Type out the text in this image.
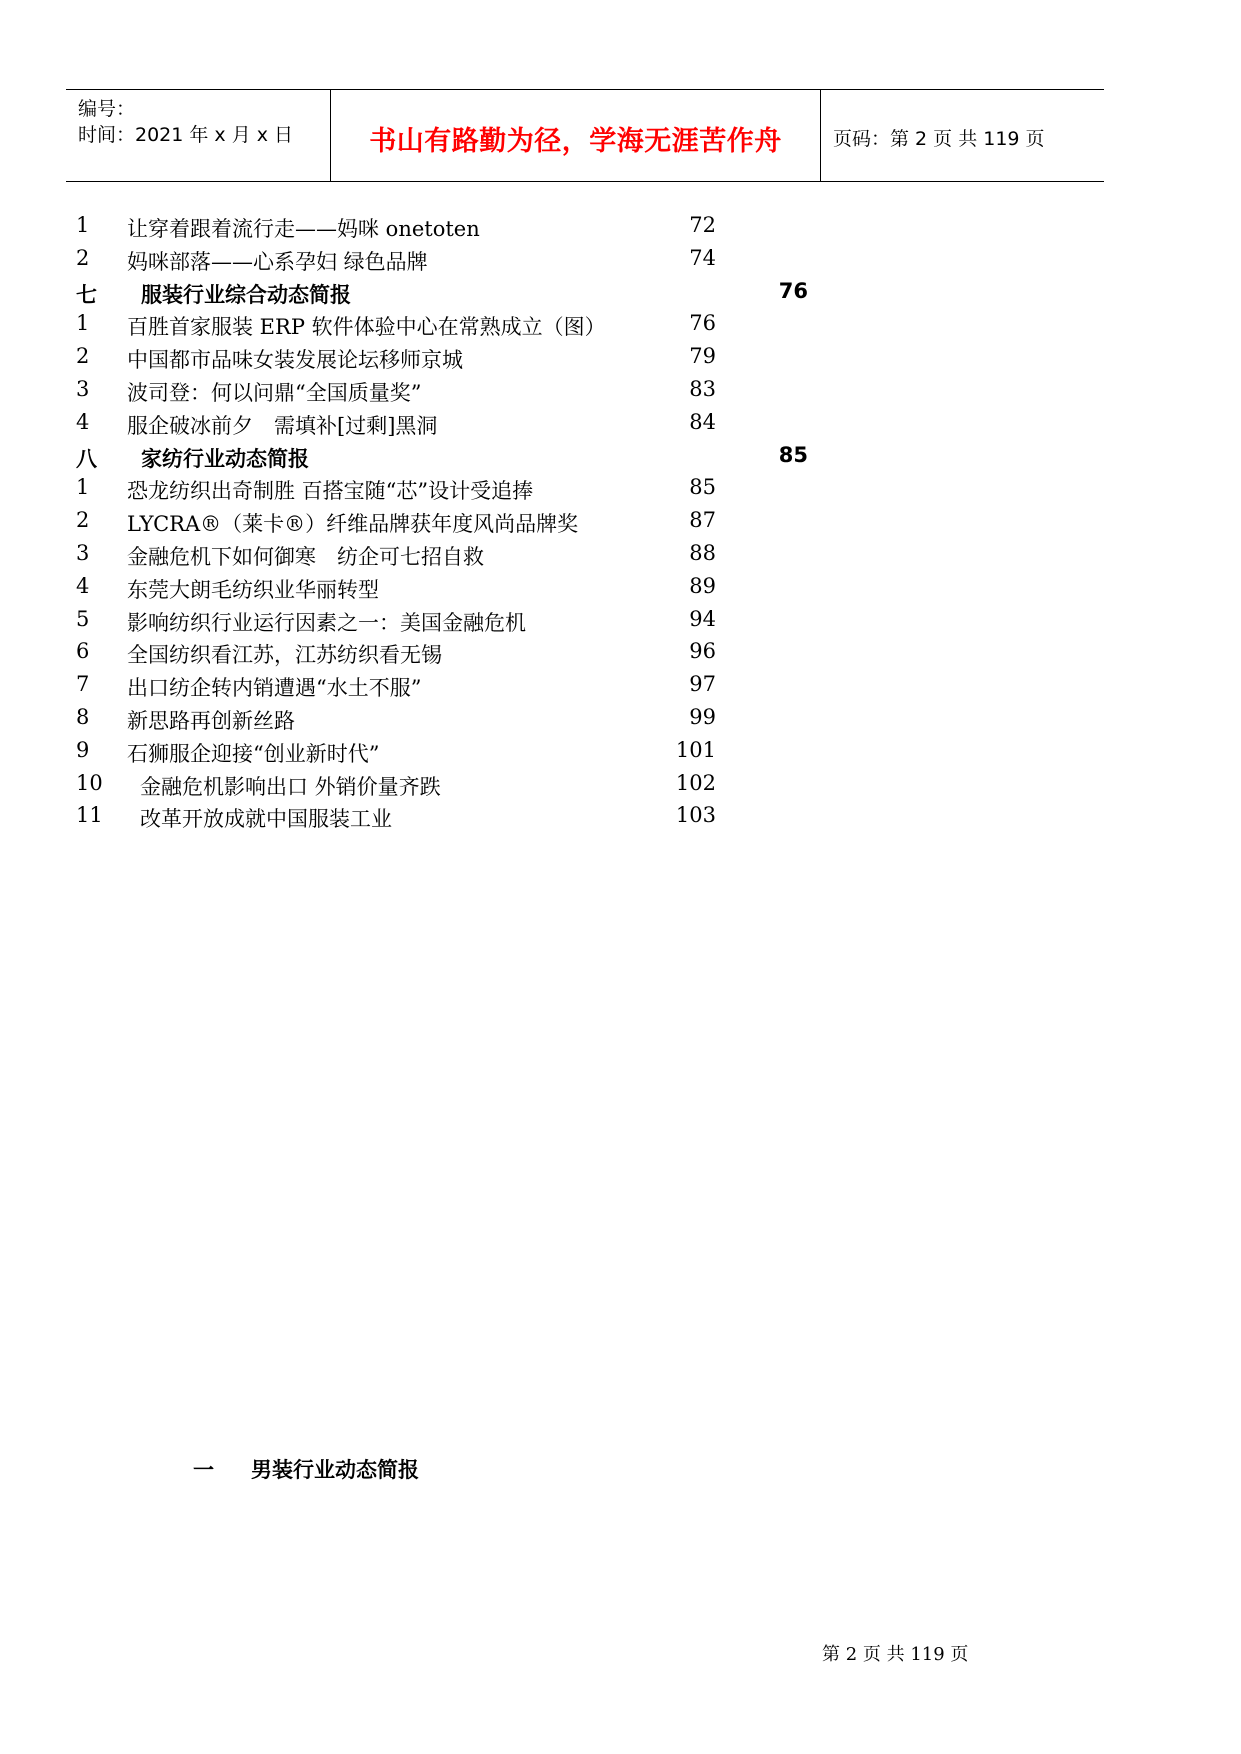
编号：
时间：2021 年 x 月 x 日	书山有路勤为径，学海无涯苦作舟	页码：第 2 页 共 119 页
1 让穿着跟着流行走——妈咪 onetoten	72
2 妈咪部落——心系孕妇 绿色品牌	74
七 服装行业综合动态简报	76
1 百胜首家服装 ERP 软件体验中心在常熟成立（图）	76
2 中国都市品味女装发展论坛移师京城	79
3 波司登：何以问鼎“全国质量奖”	83
4 服企破冰前夕　需填补[过剩]黑洞	84
八 家纺行业动态简报	85
1 恐龙纺织出奇制胜 百搭宝随“芯”设计受追捧	85
2 LYCRA®（莱卡®）纤维品牌获年度风尚品牌奖	87
3 金融危机下如何御寒　纺企可七招自救	88
4 东莞大朗毛纺织业华丽转型	89
5 影响纺织行业运行因素之一：美国金融危机	94
6 全国纺织看江苏，江苏纺织看无锡	96
7 出口纺企转内销遭遇“水土不服”	97
8 新思路再创新丝路	99
9 石狮服企迎接“创业新时代”	101
10 金融危机影响出口 外销价量齐跌	102
11 改革开放成就中国服装工业	103
一 男装行业动态简报
第 2 页 共 119 页
